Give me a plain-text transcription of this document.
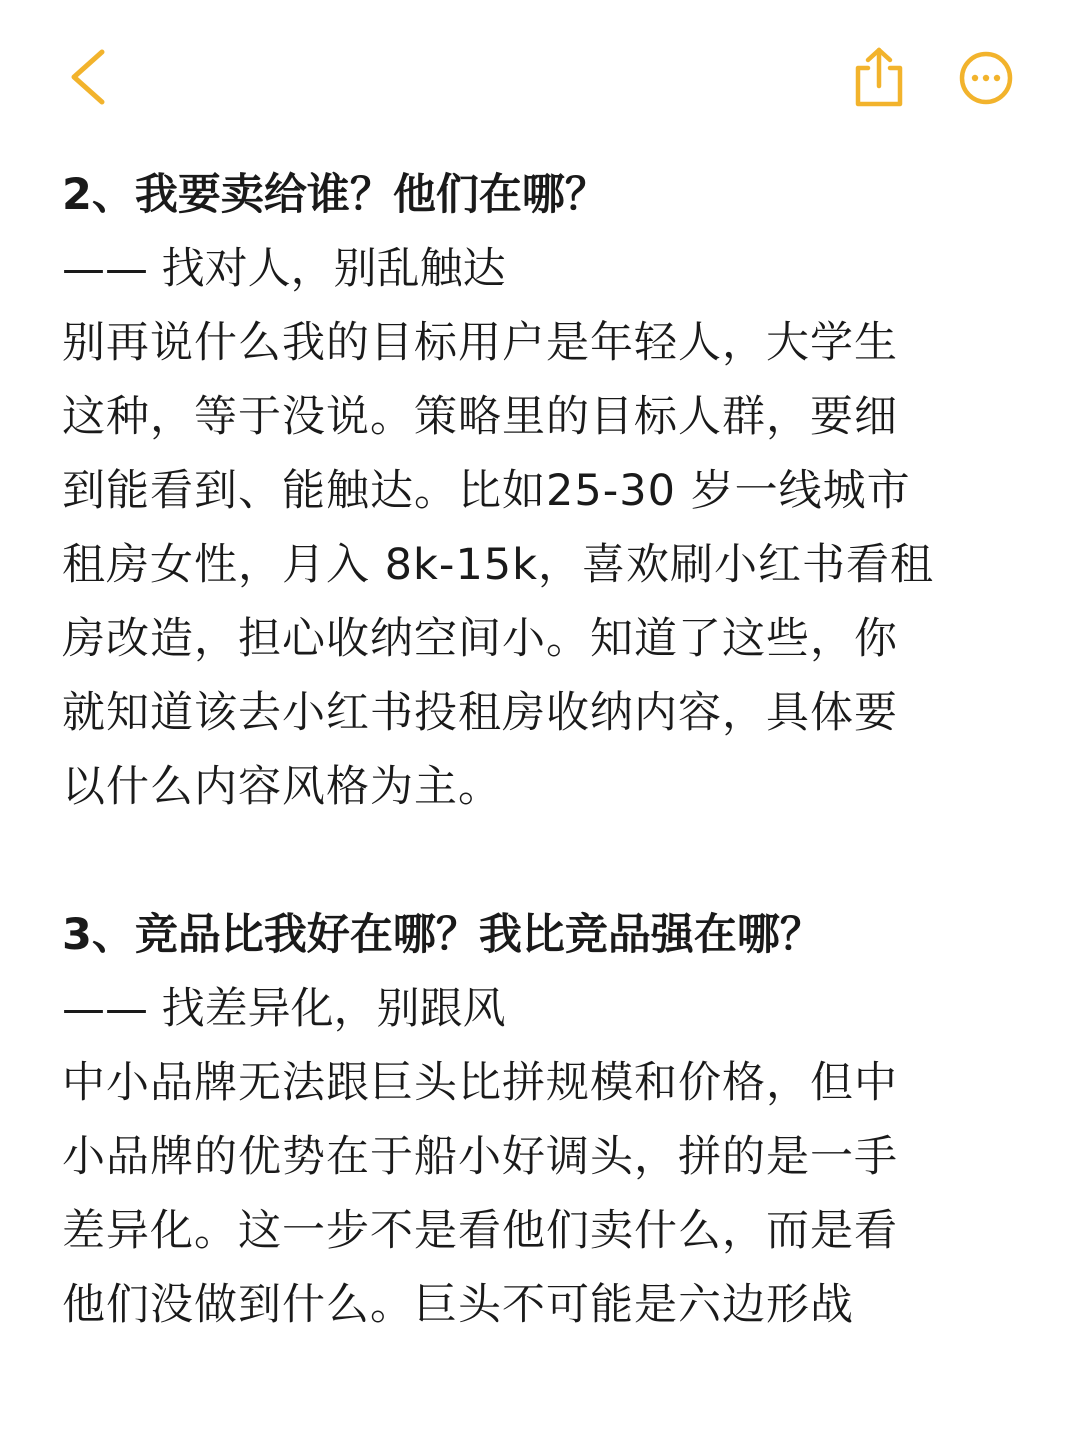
2、我要卖给谁？他们在哪？
—— 找对人，别乱触达
别再说什么我的目标用户是年轻人，大学生
这种，等于没说。策略里的目标人群，要细
到能看到、能触达。比如25-30 岁一线城市
租房女性，月入 8k-15k，喜欢刷小红书看租
房改造，担心收纳空间小。知道了这些，你
就知道该去小红书投租房收纳内容，具体要
以什么内容风格为主。
3、竞品比我好在哪？我比竞品强在哪？
—— 找差异化，别跟风
中小品牌无法跟巨头比拼规模和价格，但中
小品牌的优势在于船小好调头，拼的是一手
差异化。这一步不是看他们卖什么，而是看
他们没做到什么。巨头不可能是六边形战
